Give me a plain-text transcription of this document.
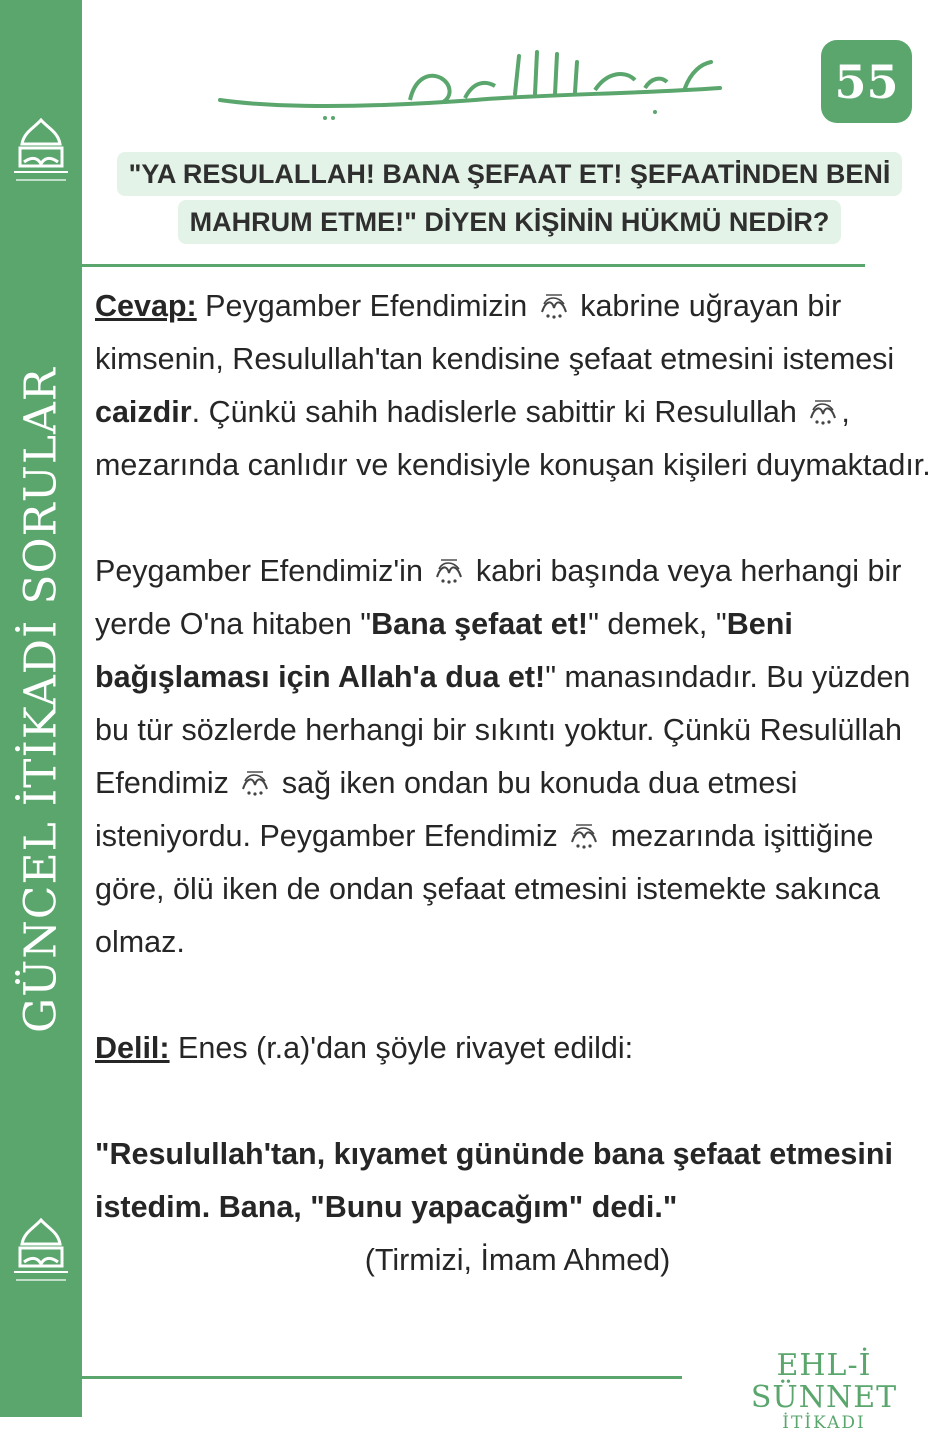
GÜNCEL İTİKADİ SORULAR
55
"YA RESULALLAH! BANA ŞEFAAT ET! ŞEFAATİNDEN BENİ
MAHRUM ETME!" DİYEN KİŞİNİN HÜKMÜ NEDİR?

Cevap: Peygamber Efendimizin  kabrine uğrayan bir kimsenin, Resulullah'tan kendisine şefaat etmesini istemesi caizdir. Çünkü sahih hadislerle sabittir ki Resulullah , mezarında canlıdır ve kendisiyle konuşan kişileri duymaktadır.

Peygamber Efendimiz'in  kabri başında veya herhangi bir yerde O'na hitaben "Bana şefaat et!" demek, "Beni bağışlaması için Allah'a dua et!" manasındadır. Bu yüzden bu tür sözlerde herhangi bir sıkıntı yoktur. Çünkü Resulüllah Efendimiz  sağ iken ondan bu konuda dua etmesi isteniyordu. Peygamber Efendimiz  mezarında işittiğine göre, ölü iken de ondan şefaat etmesini istemekte sakınca olmaz.

Delil: Enes (r.a)'dan şöyle rivayet edildi:

"Resulullah'tan, kıyamet gününde bana şefaat etmesini istedim. Bana, "Bunu yapacağım" dedi."

(Tirmizi, İmam Ahmed)

EHL-İ SÜNNET
İTİKADI
